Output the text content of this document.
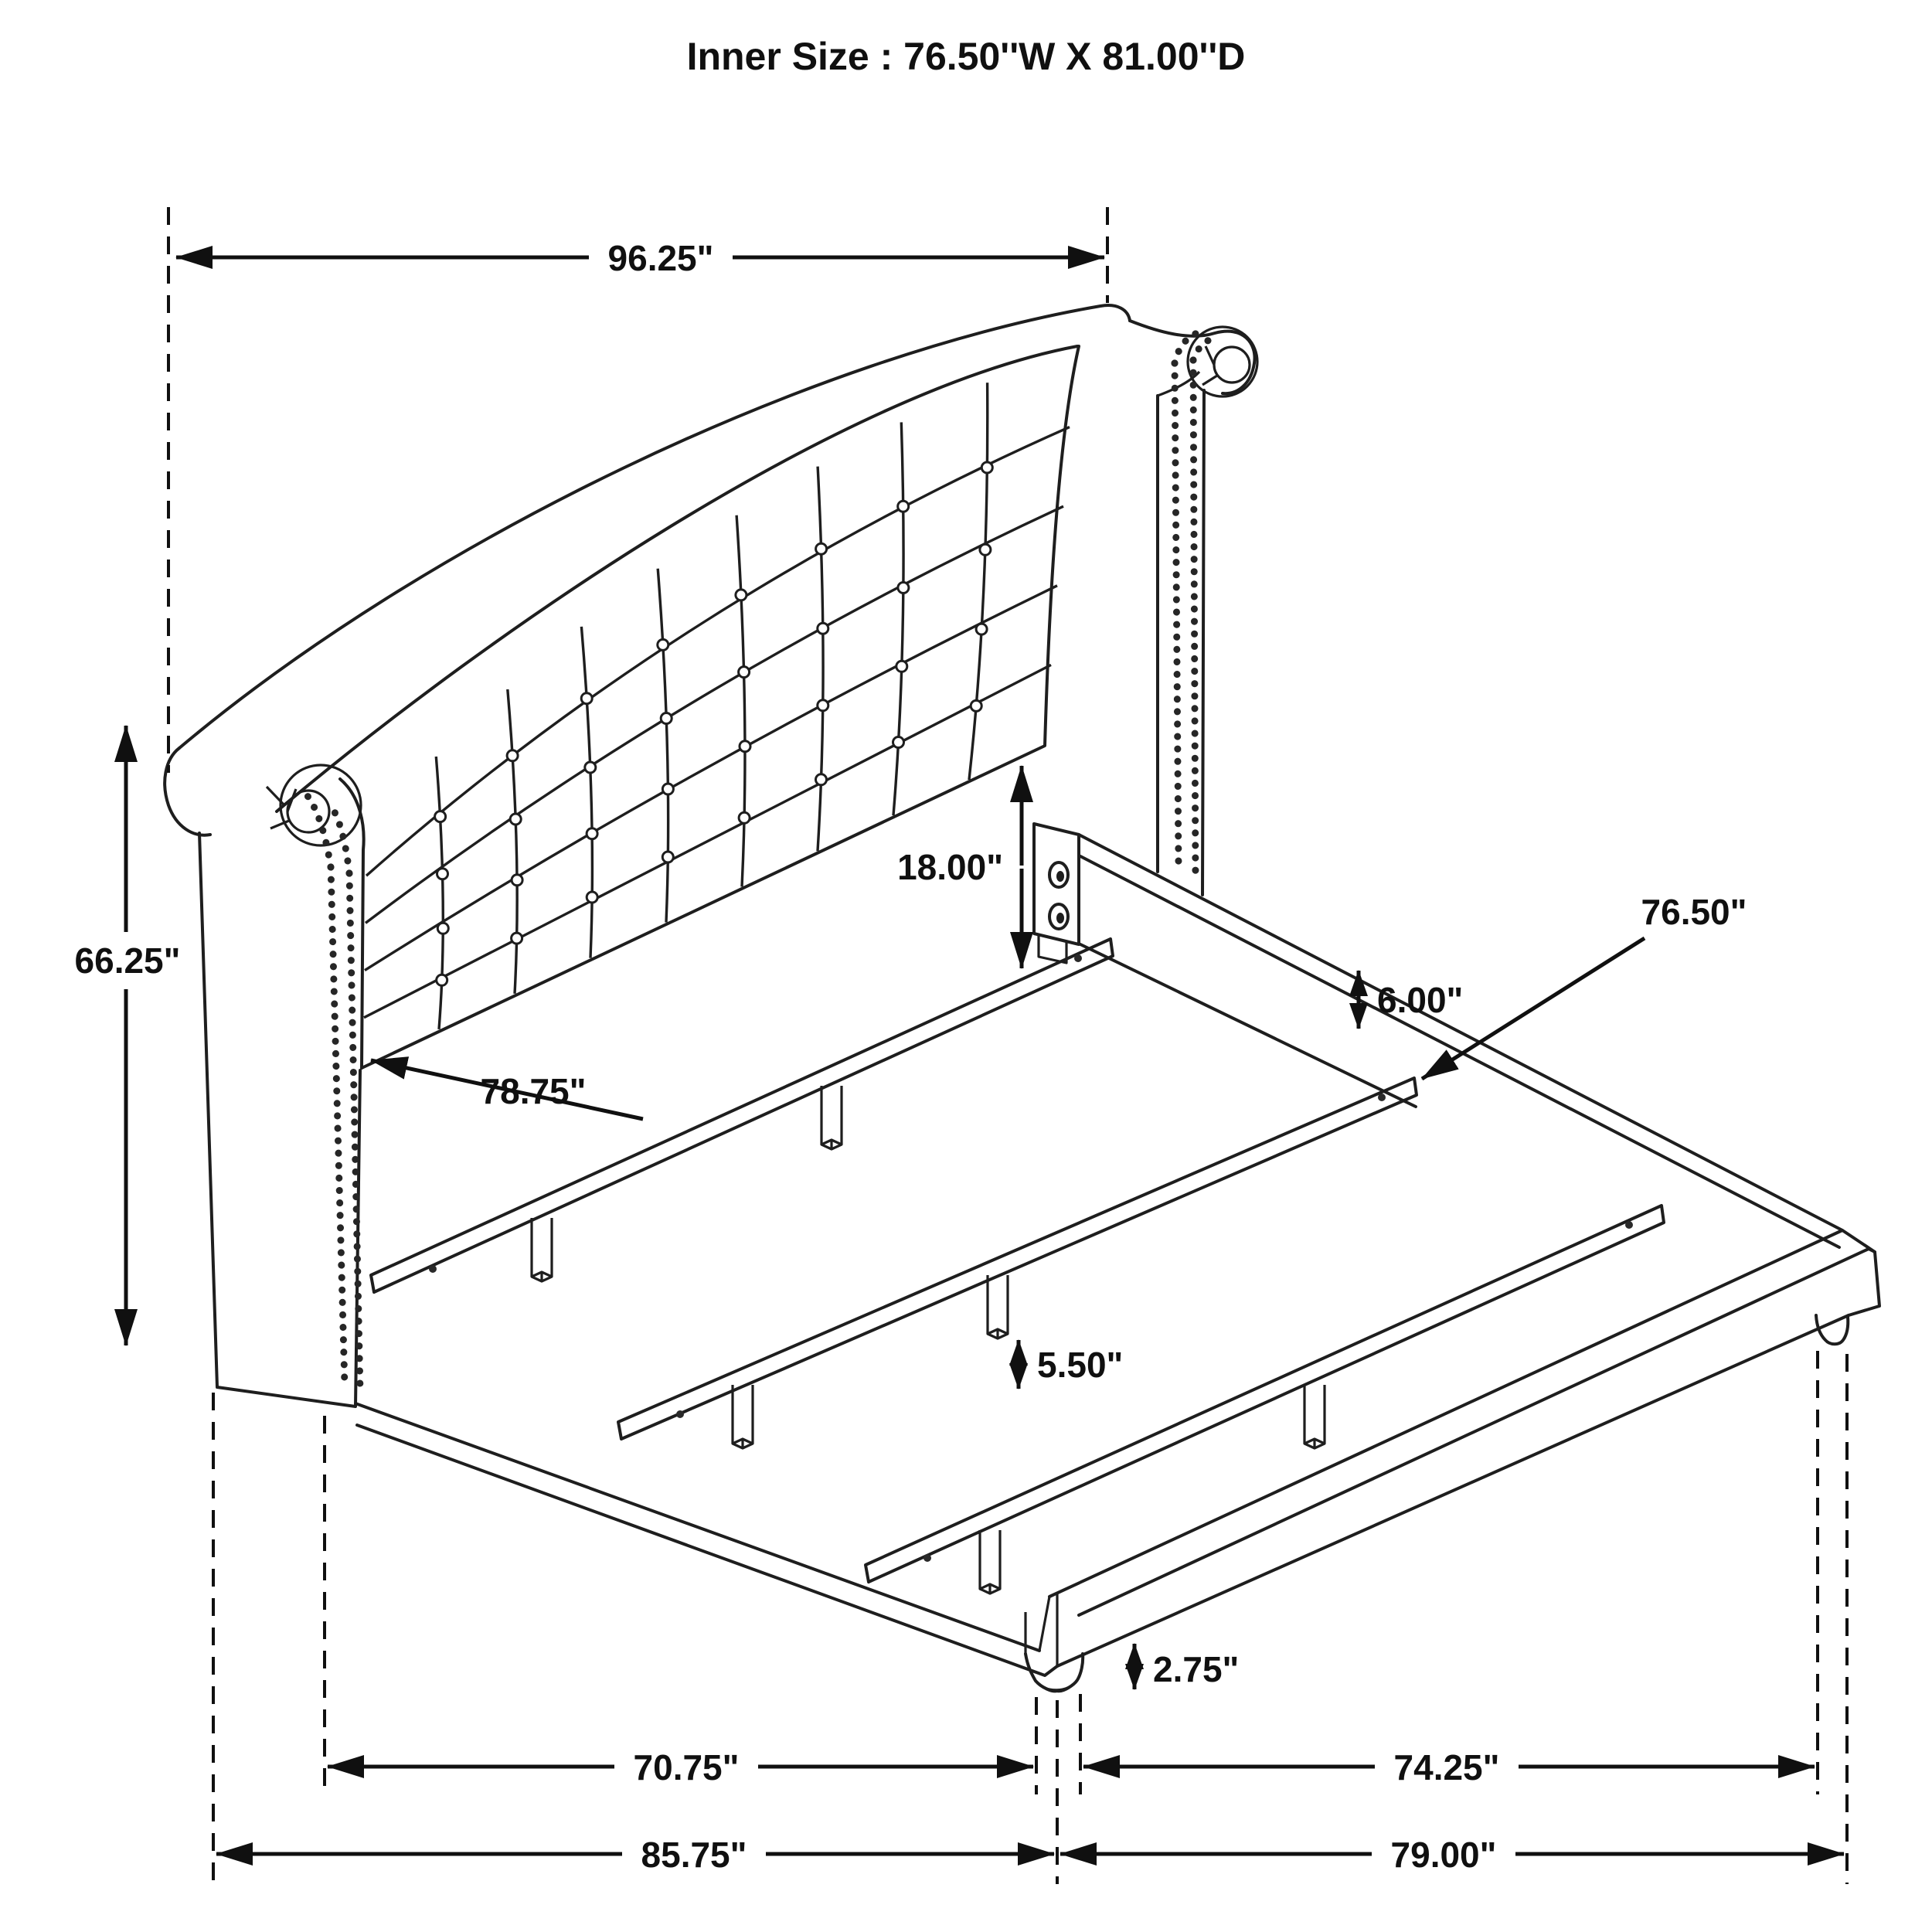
96.25"
66.25"
78.75"
18.00"
6.00"
76.50"
5.50"
2.75"
70.75"	74.25"
85.75"	79.00"
Inner Size : 76.50''W X 81.00''D
